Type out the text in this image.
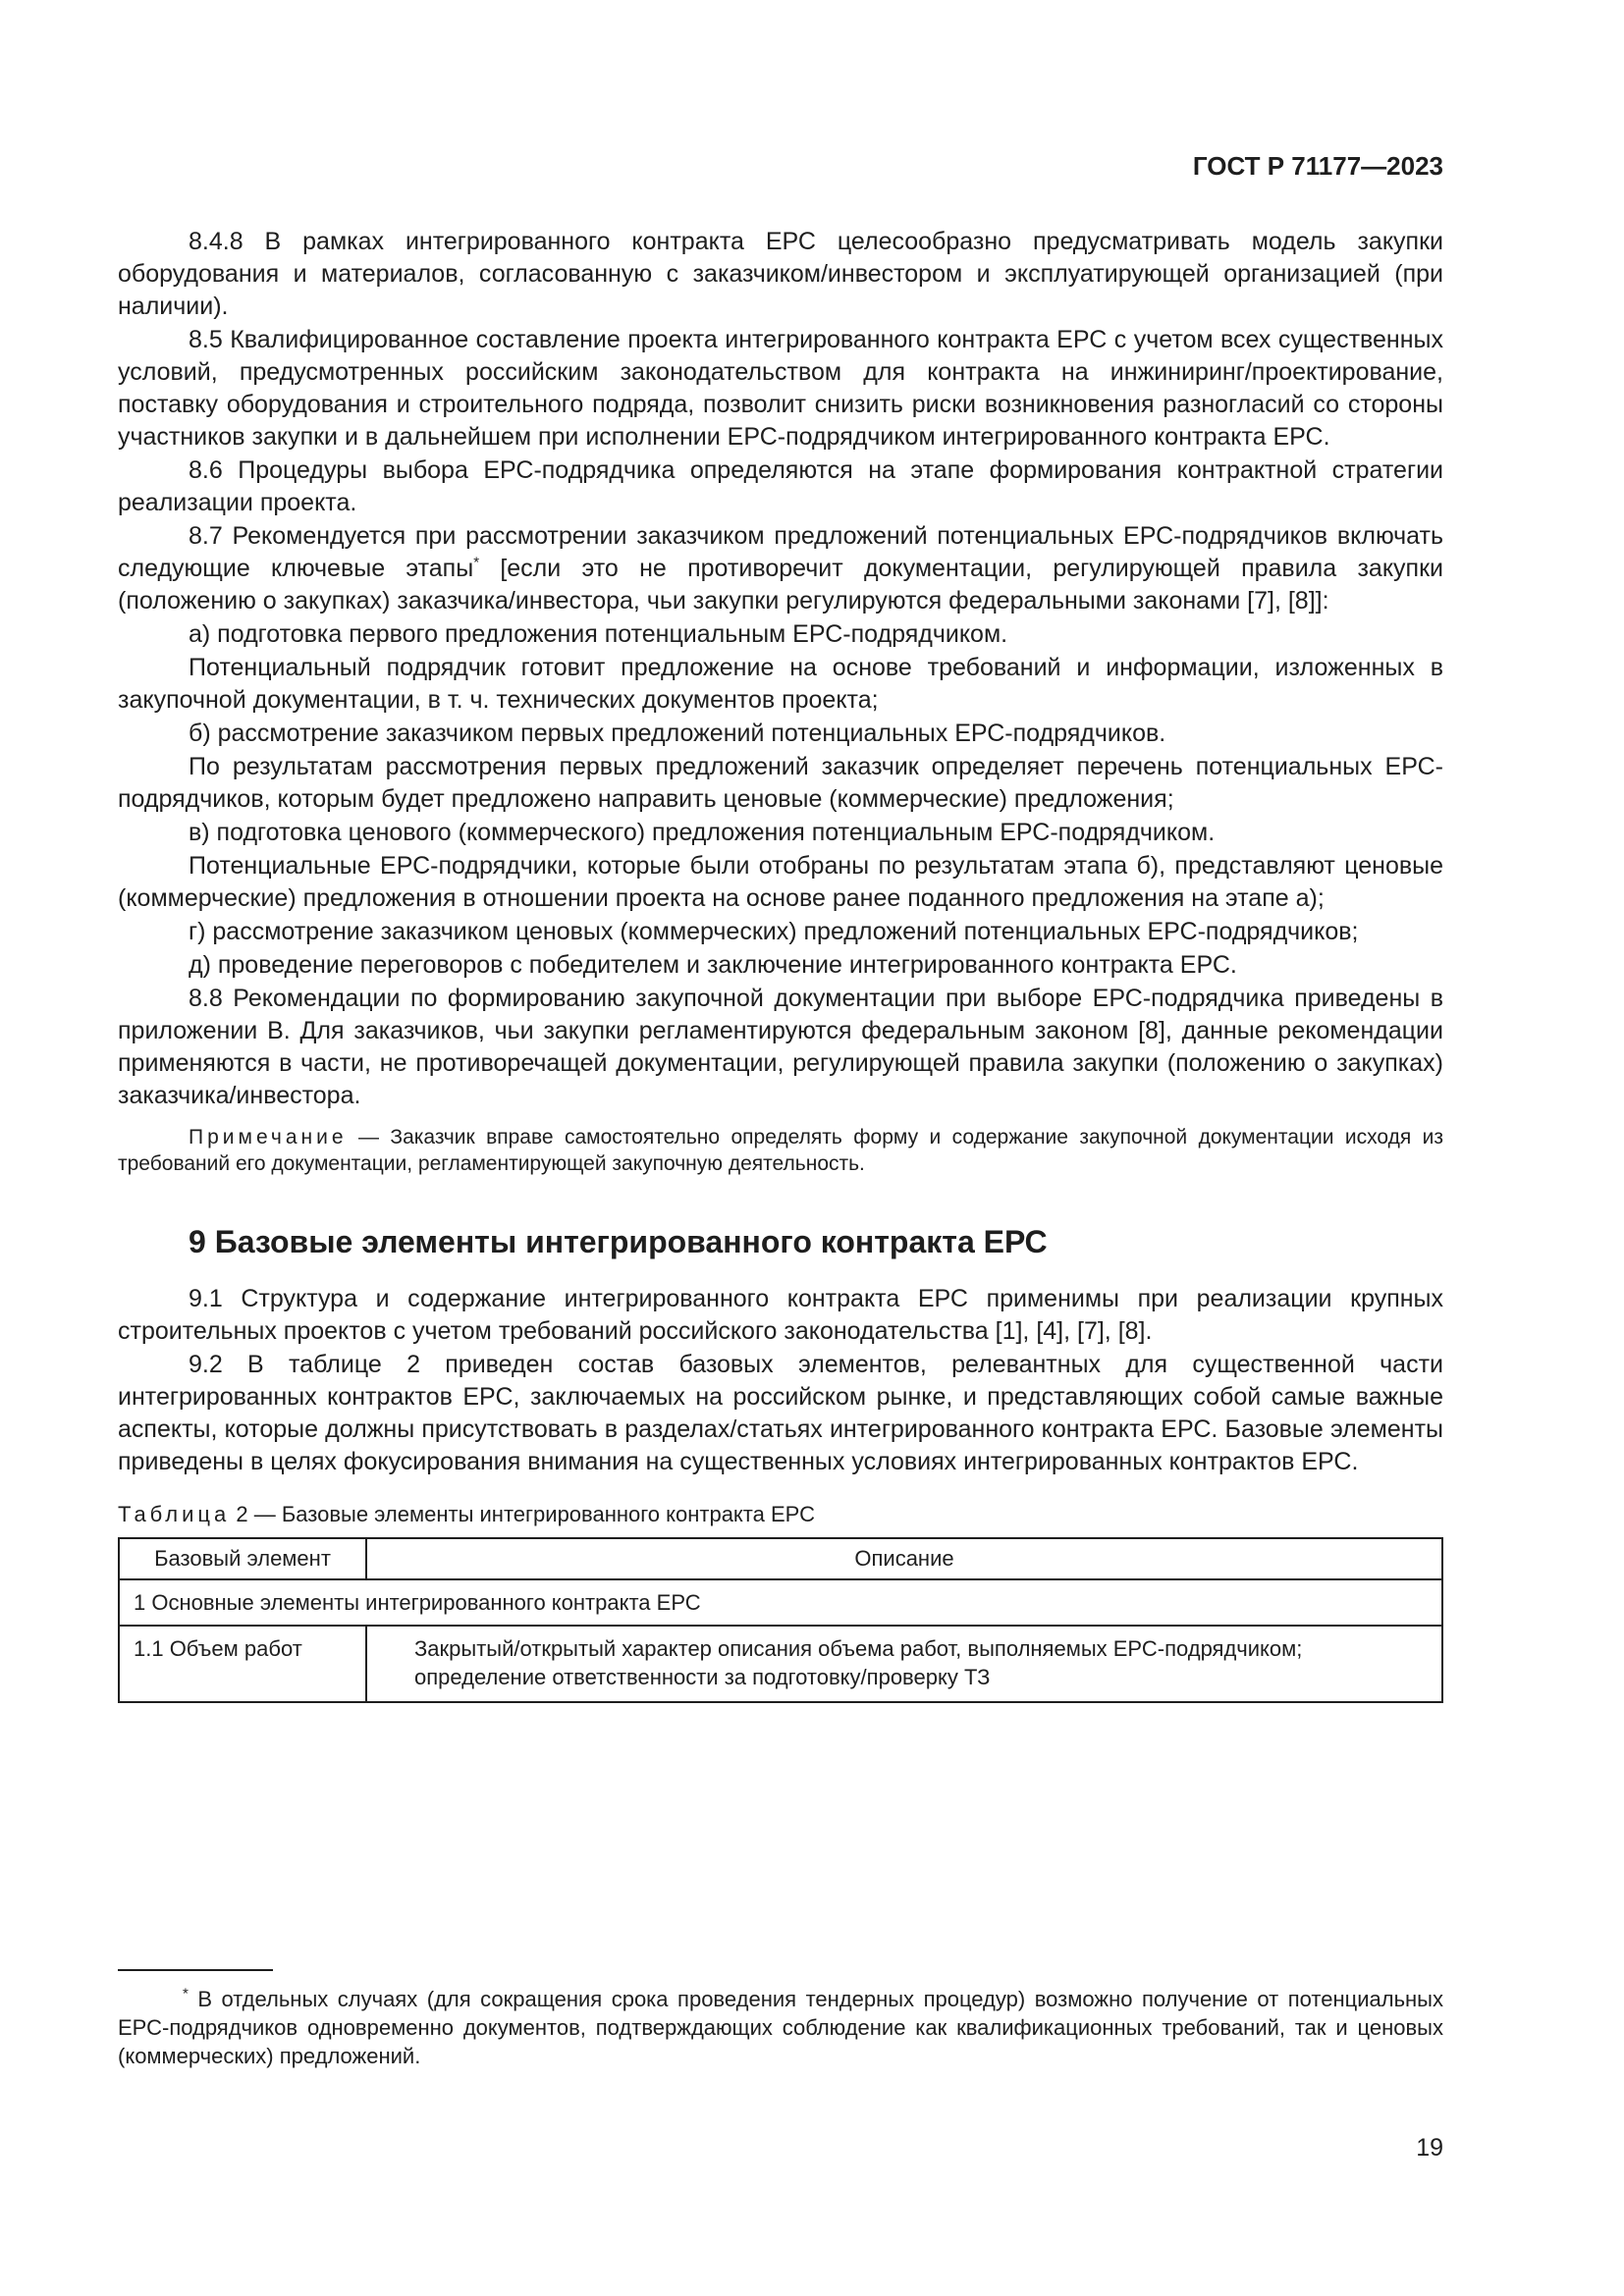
ГОСТ Р 71177—2023

8.4.8 В рамках интегрированного контракта ЕРС целесообразно предусматривать модель закупки оборудования и материалов, согласованную с заказчиком/инвестором и эксплуатирующей организацией (при наличии).

8.5 Квалифицированное составление проекта интегрированного контракта ЕРС с учетом всех существенных условий, предусмотренных российским законодательством для контракта на инжиниринг/проектирование, поставку оборудования и строительного подряда, позволит снизить риски возникновения разногласий со стороны участников закупки и в дальнейшем при исполнении ЕРС-подрядчиком интегрированного контракта ЕРС.

8.6 Процедуры выбора ЕРС-подрядчика определяются на этапе формирования контрактной стратегии реализации проекта.

8.7 Рекомендуется при рассмотрении заказчиком предложений потенциальных ЕРС-подрядчиков включать следующие ключевые этапы* [если это не противоречит документации, регулирующей правила закупки (положению о закупках) заказчика/инвестора, чьи закупки регулируются федеральными законами [7], [8]]:

а) подготовка первого предложения потенциальным ЕРС-подрядчиком.

Потенциальный подрядчик готовит предложение на основе требований и информации, изложенных в закупочной документации, в т. ч. технических документов проекта;

б) рассмотрение заказчиком первых предложений потенциальных ЕРС-подрядчиков.

По результатам рассмотрения первых предложений заказчик определяет перечень потенциальных ЕРС-подрядчиков, которым будет предложено направить ценовые (коммерческие) предложения;

в) подготовка ценового (коммерческого) предложения потенциальным ЕРС-подрядчиком.

Потенциальные ЕРС-подрядчики, которые были отобраны по результатам этапа б), представляют ценовые (коммерческие) предложения в отношении проекта на основе ранее поданного предложения на этапе а);

г) рассмотрение заказчиком ценовых (коммерческих) предложений потенциальных ЕРС-подрядчиков;

д) проведение переговоров с победителем и заключение интегрированного контракта ЕРС.

8.8 Рекомендации по формированию закупочной документации при выборе ЕРС-подрядчика приведены в приложении В. Для заказчиков, чьи закупки регламентируются федеральным законом [8], данные рекомендации применяются в части, не противоречащей документации, регулирующей правила закупки (положению о закупках) заказчика/инвестора.

Примечание — Заказчик вправе самостоятельно определять форму и содержание закупочной документации исходя из требований его документации, регламентирующей закупочную деятельность.

9 Базовые элементы интегрированного контракта ЕРС

9.1 Структура и содержание интегрированного контракта ЕРС применимы при реализации крупных строительных проектов с учетом требований российского законодательства [1], [4], [7], [8].

9.2 В таблице 2 приведен состав базовых элементов, релевантных для существенной части интегрированных контрактов ЕРС, заключаемых на российском рынке, и представляющих собой самые важные аспекты, которые должны присутствовать в разделах/статьях интегрированного контракта ЕРС. Базовые элементы приведены в целях фокусирования внимания на существенных условиях интегрированных контрактов ЕРС.

Таблица 2 — Базовые элементы интегрированного контракта ЕРС
Базовый элемент	Описание
1 Основные элементы интегрированного контракта ЕРС	
1.1 Объем работ	Закрытый/открытый характер описания объема работ, выполняемых ЕРС-подрядчиком; определение ответственности за подготовку/проверку ТЗ
* В отдельных случаях (для сокращения срока проведения тендерных процедур) возможно получение от потенциальных ЕРС-подрядчиков одновременно документов, подтверждающих соблюдение как квалификационных требований, так и ценовых (коммерческих) предложений.
19
